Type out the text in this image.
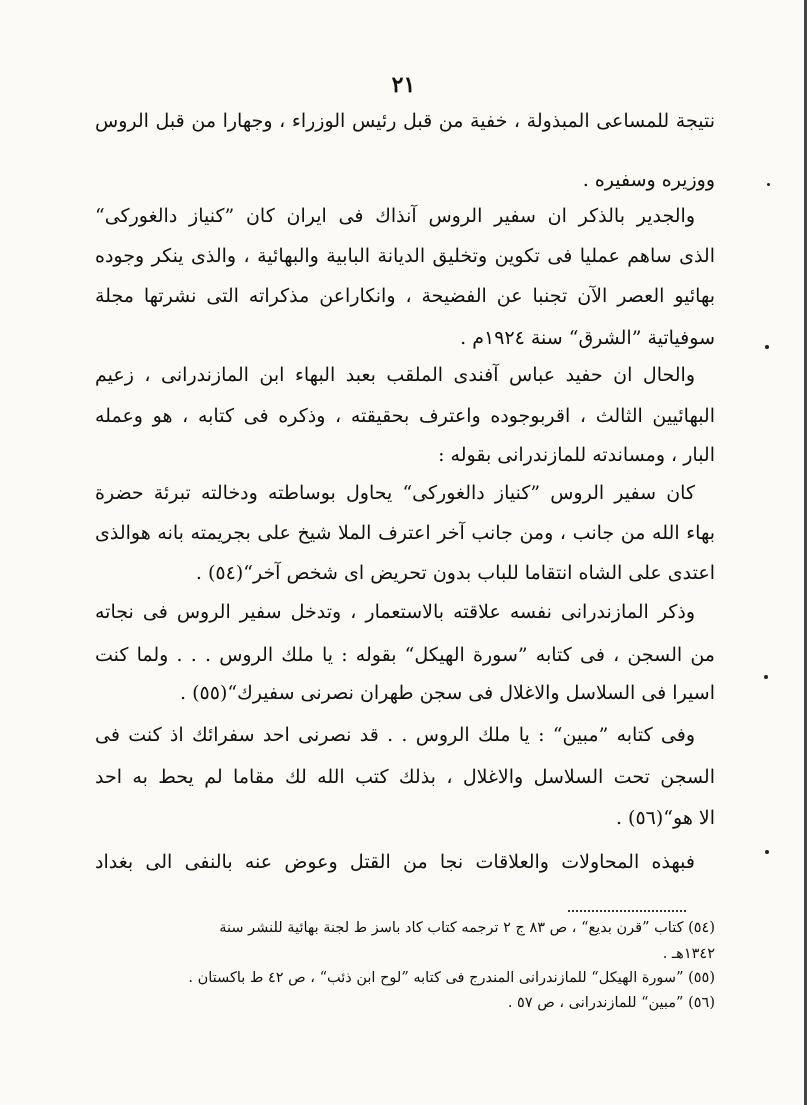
٢١
نتيجة للمساعى المبذولة ، خفية من قبل رئيس الوزراء ، وجهارا من قبل الروس
ووزيره وسفيره .
والجدير بالذكر ان سفير الروس آنذاك فى ايران كان ”كنياز دالغوركى“
الذى ساهم عمليا فى تكوين وتخليق الديانة البابية والبهائية ، والذى ينكر وجوده
بهائيو العصر الآن تجنبا عن الفضيحة ، وانكاراعن مذكراته التى نشرتها مجلة
سوفياتية ”الشرق“ سنة ١٩٢٤م .
والحال ان حفيد عباس آفندى الملقب بعبد البهاء ابن المازندرانى ، زعيم
البهائيين الثالث ، اقربوجوده واعترف بحقيقته ، وذكره فى كتابه ، هو وعمله
البار ، ومساندته للمازندرانى بقوله :
كان سفير الروس ”كنياز دالغوركى“ يحاول بوساطته ودخالته تبرئة حضرة
بهاء الله من جانب ، ومن جانب آخر اعترف الملا شيخ على بجريمته بانه هوالذى
اعتدى على الشاه انتقاما للباب بدون تحريض اى شخص آخر“(٥٤) .
وذكر المازندرانى نفسه علاقته بالاستعمار ، وتدخل سفير الروس فى نجاته
من السجن ، فى كتابه ”سورة الهيكل“ بقوله : يا ملك الروس . . . ولما كنت
اسيرا فى السلاسل والاغلال فى سجن طهران نصرنى سفيرك“(٥٥) .
وفى كتابه ”مبين“ : يا ملك الروس . . قد نصرنى احد سفرائك اذ كنت فى
السجن تحت السلاسل والاغلال ، بذلك كتب الله لك مقاما لم يحط به احد
الا هو“(٥٦) .
فبهذه المحاولات والعلاقات نجا من القتل وعوض عنه بالنفى الى بغداد
(٥٤) كتاب ”قرن بديع“ ، ص ٨٣ ج ٢ ترجمه كتاب كاد باسز ط لجنة بهائية للنشر سنة
١٣٤٢هـ .
(٥٥) ”سورة الهيكل“ للمازندرانى المندرج فى كتابه ”لوح ابن ذئب“ ، ص ٤٢ ط باكستان .
(٥٦) ”مبين“ للمازندرانى ، ص ٥٧ .
